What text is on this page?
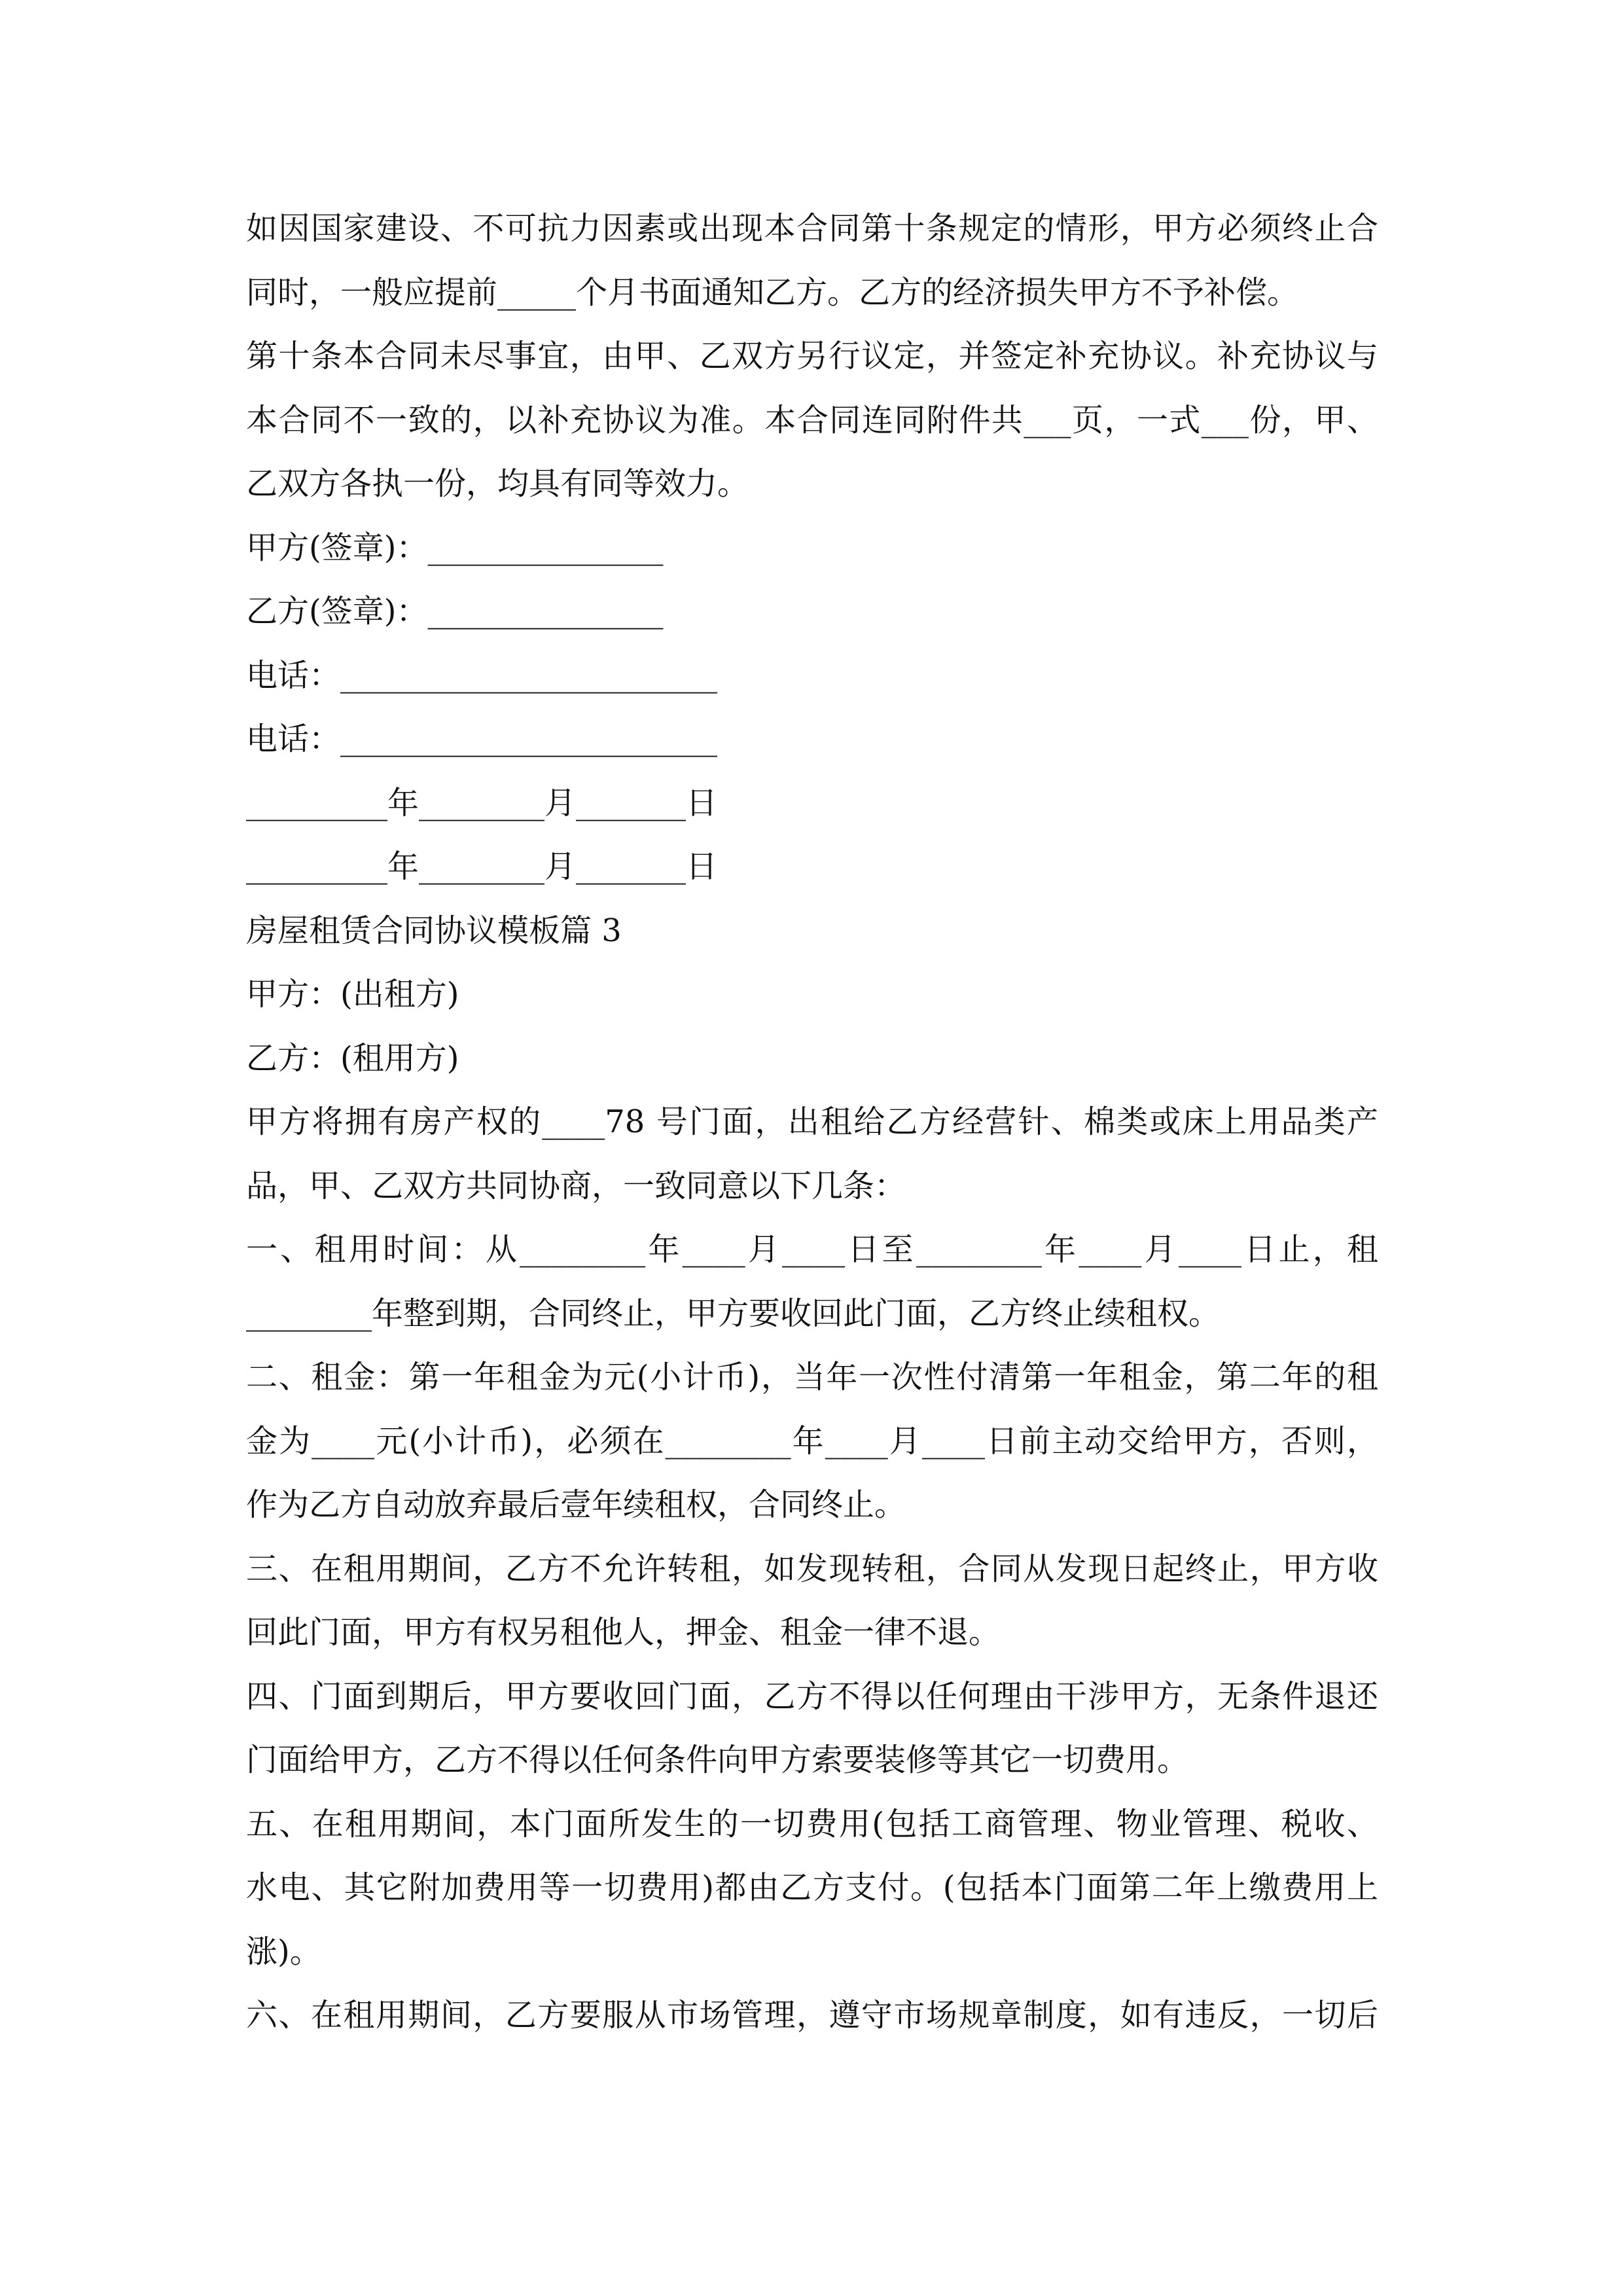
如因国家建设、不可抗力因素或出现本合同第十条规定的情形，甲方必须终止合
同时，一般应提前_____个月书面通知乙方。乙方的经济损失甲方不予补偿。
第十条本合同未尽事宜，由甲、乙双方另行议定，并签定补充协议。补充协议与
本合同不一致的，以补充协议为准。本合同连同附件共___页，一式___份，甲、
乙双方各执一份，均具有同等效力。
甲方(签章)：_______________
乙方(签章)：_______________
电话：________________________
电话：________________________
_________年________月_______日
_________年________月_______日
房屋租赁合同协议模板篇 3
甲方：(出租方)
乙方：(租用方)
甲方将拥有房产权的____78 号门面，出租给乙方经营针、棉类或床上用品类产
品，甲、乙双方共同协商，一致同意以下几条：
一、租用时间：从________年____月____日至________年____月____日止，租
________年整到期，合同终止，甲方要收回此门面，乙方终止续租权。
二、租金：第一年租金为元(小计币)，当年一次性付清第一年租金，第二年的租
金为____元(小计币)，必须在________年____月____日前主动交给甲方，否则，
作为乙方自动放弃最后壹年续租权，合同终止。
三、在租用期间，乙方不允许转租，如发现转租，合同从发现日起终止，甲方收
回此门面，甲方有权另租他人，押金、租金一律不退。
四、门面到期后，甲方要收回门面，乙方不得以任何理由干涉甲方，无条件退还
门面给甲方，乙方不得以任何条件向甲方索要装修等其它一切费用。
五、在租用期间，本门面所发生的一切费用(包括工商管理、物业管理、税收、
水电、其它附加费用等一切费用)都由乙方支付。(包括本门面第二年上缴费用上
涨)。
六、在租用期间，乙方要服从市场管理，遵守市场规章制度，如有违反，一切后
